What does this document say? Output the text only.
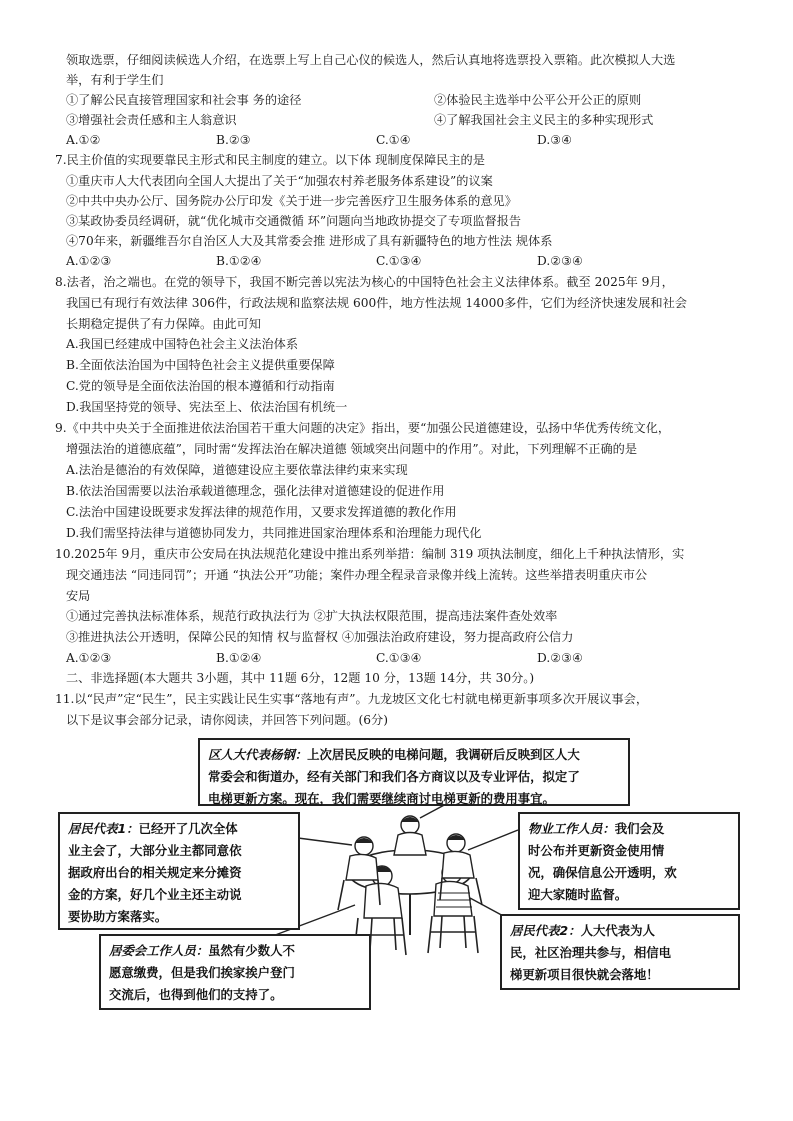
领取选票，仔细阅读候选人介绍，在选票上写上自己心仪的候选人，然后认真地将选票投入票箱。此次模拟人大选
举，有利于学生们
①了解公民直接管理国家和社会事 务的途径	②体验民主选举中公平公开公正的原则
③增强社会责任感和主人翁意识	④了解我国社会主义民主的多种实现形式
A.①②	B.②③	C.①④	D.③④
7.民主价值的实现要靠民主形式和民主制度的建立。以下体 现制度保障民主的是
①重庆市人大代表团向全国人大提出了关于“加强农村养老服务体系建设”的议案
②中共中央办公厅、国务院办公厅印发《关于进一步完善医疗卫生服务体系的意见》
③某政协委员经调研，就“优化城市交通微循 环”问题向当地政协提交了专项监督报告
④70年来，新疆维吾尔自治区人大及其常委会推 进形成了具有新疆特色的地方性法 规体系
A.①②③	B.①②④	C.①③④	D.②③④
8.法者，治之端也。在党的领导下，我国不断完善以宪法为核心的中国特色社会主义法律体系。截至 2025年 9月，
我国已有现行有效法律 306件，行政法规和监察法规 600件，地方性法规 14000多件，它们为经济快速发展和社会
长期稳定提供了有力保障。由此可知
A.我国已经建成中国特色社会主义法治体系
B.全面依法治国为中国特色社会主义提供重要保障
C.党的领导是全面依法治国的根本遵循和行动指南
D.我国坚持党的领导、宪法至上、依法治国有机统一
9.《中共中央关于全面推进依法治国若干重大问题的决定》指出，要“加强公民道德建设，弘扬中华优秀传统文化，
增强法治的道德底蕴”，同时需“发挥法治在解决道德 领域突出问题中的作用”。对此，下列理解不正确的是
A.法治是德治的有效保障，道德建设应主要依靠法律约束来实现
B.依法治国需要以法治承载道德理念，强化法律对道德建设的促进作用
C.法治中国建设既要求发挥法律的规范作用，又要求发挥道德的教化作用
D.我们需坚持法律与道德协同发力，共同推进国家治理体系和治理能力现代化
10.2025年 9月，重庆市公安局在执法规范化建设中推出系列举措：编制 319 项执法制度，细化上千种执法情形，实
现交通违法 “同违同罚”；开通 “执法公开”功能；案件办理全程录音录像并线上流转。这些举措表明重庆市公
安局
①通过完善执法标准体系，规范行政执法行为 ②扩大执法权限范围，提高违法案件查处效率
③推进执法公开透明，保障公民的知情 权与监督权 ④加强法治政府建设，努力提高政府公信力
A.①②③	B.①②④	C.①③④	D.②③④
二、非选择题(本大题共 3小题，其中 11题 6分，12题 10 分，13题 14分，共 30分。)
11.以“民声”定“民生”，民主实践让民生实事“落地有声”。九龙坡区文化七村就电梯更新事项多次开展议事会，
以下是议事会部分记录，请你阅读，并回答下列问题。(6分)
区人大代表杨钢：上次居民反映的电梯问题，我调研后反映到区人大
常委会和街道办，经有关部门和我们各方商议以及专业评估，拟定了
电梯更新方案。现在，我们需要继续商讨电梯更新的费用事宜。
居民代表1：已经开了几次全体
业主会了，大部分业主都同意依
据政府出台的相关规定来分摊资
金的方案，好几个业主还主动说
要协助方案落实。
物业工作人员：我们会及
时公布并更新资金使用情
况，确保信息公开透明，欢
迎大家随时监督。
居委会工作人员：虽然有少数人不
愿意缴费，但是我们挨家挨户登门
交流后，也得到他们的支持了。
居民代表2：人大代表为人
民，社区治理共参与，相信电
梯更新项目很快就会落地！
